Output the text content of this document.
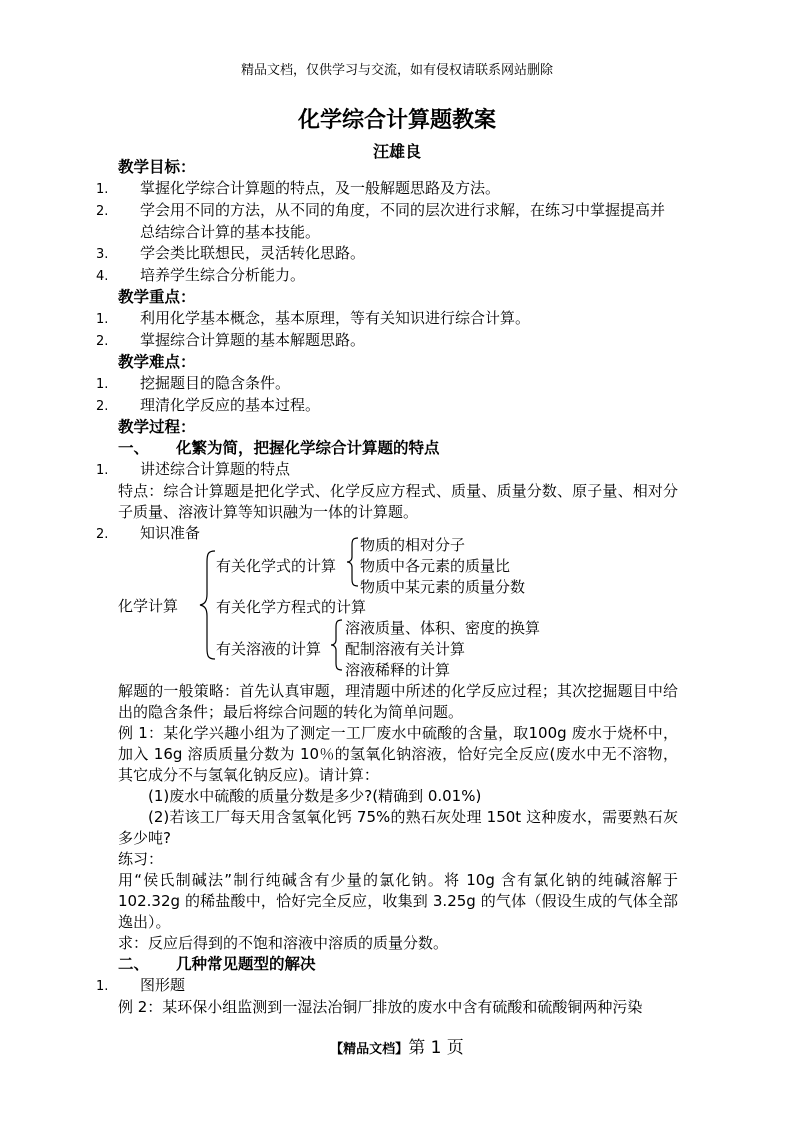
精品文档，仅供学习与交流，如有侵权请联系网站删除
化学综合计算题教案
汪雄良
教学目标：
1. 掌握化学综合计算题的特点，及一般解题思路及方法。
2. 学会用不同的方法，从不同的角度，不同的层次进行求解，在练习中掌握提高并总结综合计算的基本技能。
3. 学会类比联想民，灵活转化思路。
4. 培养学生综合分析能力。
教学重点：
1. 利用化学基本概念，基本原理，等有关知识进行综合计算。
2. 掌握综合计算题的基本解题思路。
教学难点：
1. 挖掘题目的隐含条件。
2. 理清化学反应的基本过程。
教学过程：
一、 化繁为简，把握化学综合计算题的特点
1. 讲述综合计算题的特点
特点：综合计算题是把化学式、化学反应方程式、质量、质量分数、原子量、相对分子质量、溶液计算等知识融为一体的计算题。
2. 知识准备
化学计算
有关化学式的计算
物质的相对分子
物质中各元素的质量比
物质中某元素的质量分数
有关化学方程式的计算
有关溶液的计算
溶液质量、体积、密度的换算
配制溶液有关计算
溶液稀释的计算
解题的一般策略：首先认真审题，理清题中所述的化学反应过程；其次挖掘题目中给出的隐含条件；最后将综合问题的转化为简单问题。
例 1：某化学兴趣小组为了测定一工厂废水中硫酸的含量，取100g 废水于烧杯中，加入 16g 溶质质量分数为 10％的氢氧化钠溶液，恰好完全反应(废水中无不溶物，其它成分不与氢氧化钠反应)。请计算：
(1)废水中硫酸的质量分数是多少?(精确到 0.01%)
(2)若该工厂每天用含氢氧化钙 75%的熟石灰处理 150t 这种废水，需要熟石灰多少吨?
练习：
用“侯氏制碱法”制行纯碱含有少量的氯化钠。将 10g 含有氯化钠的纯碱溶解于102.32g 的稀盐酸中，恰好完全反应，收集到 3.25g 的气体（假设生成的气体全部逸出）。
求：反应后得到的不饱和溶液中溶质的质量分数。
二、 几种常见题型的解决
1. 图形题
例 2：某环保小组监测到一湿法冶铜厂排放的废水中含有硫酸和硫酸铜两种污染
【精品文档】第 1 页
